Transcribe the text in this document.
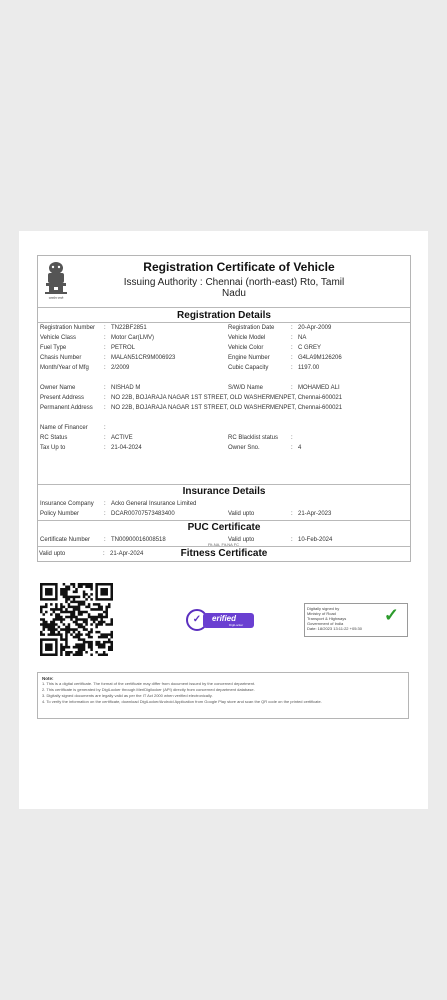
सत्यमेव जयते
Registration Certificate of Vehicle
Issuing Authority : Chennai (north-east) Rto, Tamil Nadu
Registration Details
Registration Number : TN22BF2851	Registration Date	: 20-Apr-2009
Vehicle Class	: Motor Car(LMV)	Vehicle Model	: NA
Fuel Type	: PETROL	Vehicle Color	: C GREY
Chasis Number	: MALAN51CR9M006923	Engine Number	: G4LA9M126206
Month/Year of Mfg	: 2/2009	Cubic Capacity	: 1197.00
Owner Name	: NISHAD M	S/W/D Name	: MOHAMED ALI
Present Address	: NO 22B, BOJARAJA NAGAR 1ST STREET, OLD WASHERMENPET, Chennai-600021
Permanent Address : NO 22B, BOJARAJA NAGAR 1ST STREET, OLD WASHERMENPET, Chennai-600021
Name of Financer	:
RC Status	: ACTIVE	RC Blacklist status :
Tax Up to	: 21-04-2024	Owner Sno.	: 4
Insurance Details
Insurance Company : Acko General Insurance Limited
Policy Number	: DCAR00707573483400	Valid upto	: 21-Apr-2023
PUC Certificate
Certificate Number : TN00900016008518	Valid upto	: 10-Feb-2024
Fitness Certificate
Fit-NA, Fit-NA FC
Valid upto	: 21-Apr-2024
✓	erified
DigiLocker
Digitally signed by
Ministry of Road
Transport & Highways
Government of India
Date: 18/2023 13:11:22 +05:30
✓
Note:
1. This is a digital certificate. The format of the certificate may differ from document issued by the concerned department.
2. This certificate is generated by DigiLocker through MeriDigilocker (API) directly from concerned department database.
3. Digitally signed documents are legally valid as per the IT Act 2000 when verified electronically.
4. To verify the information on the certificate, download DigiLocker/Android Application from Google Play store and scan the QR code on the printed certificate.
